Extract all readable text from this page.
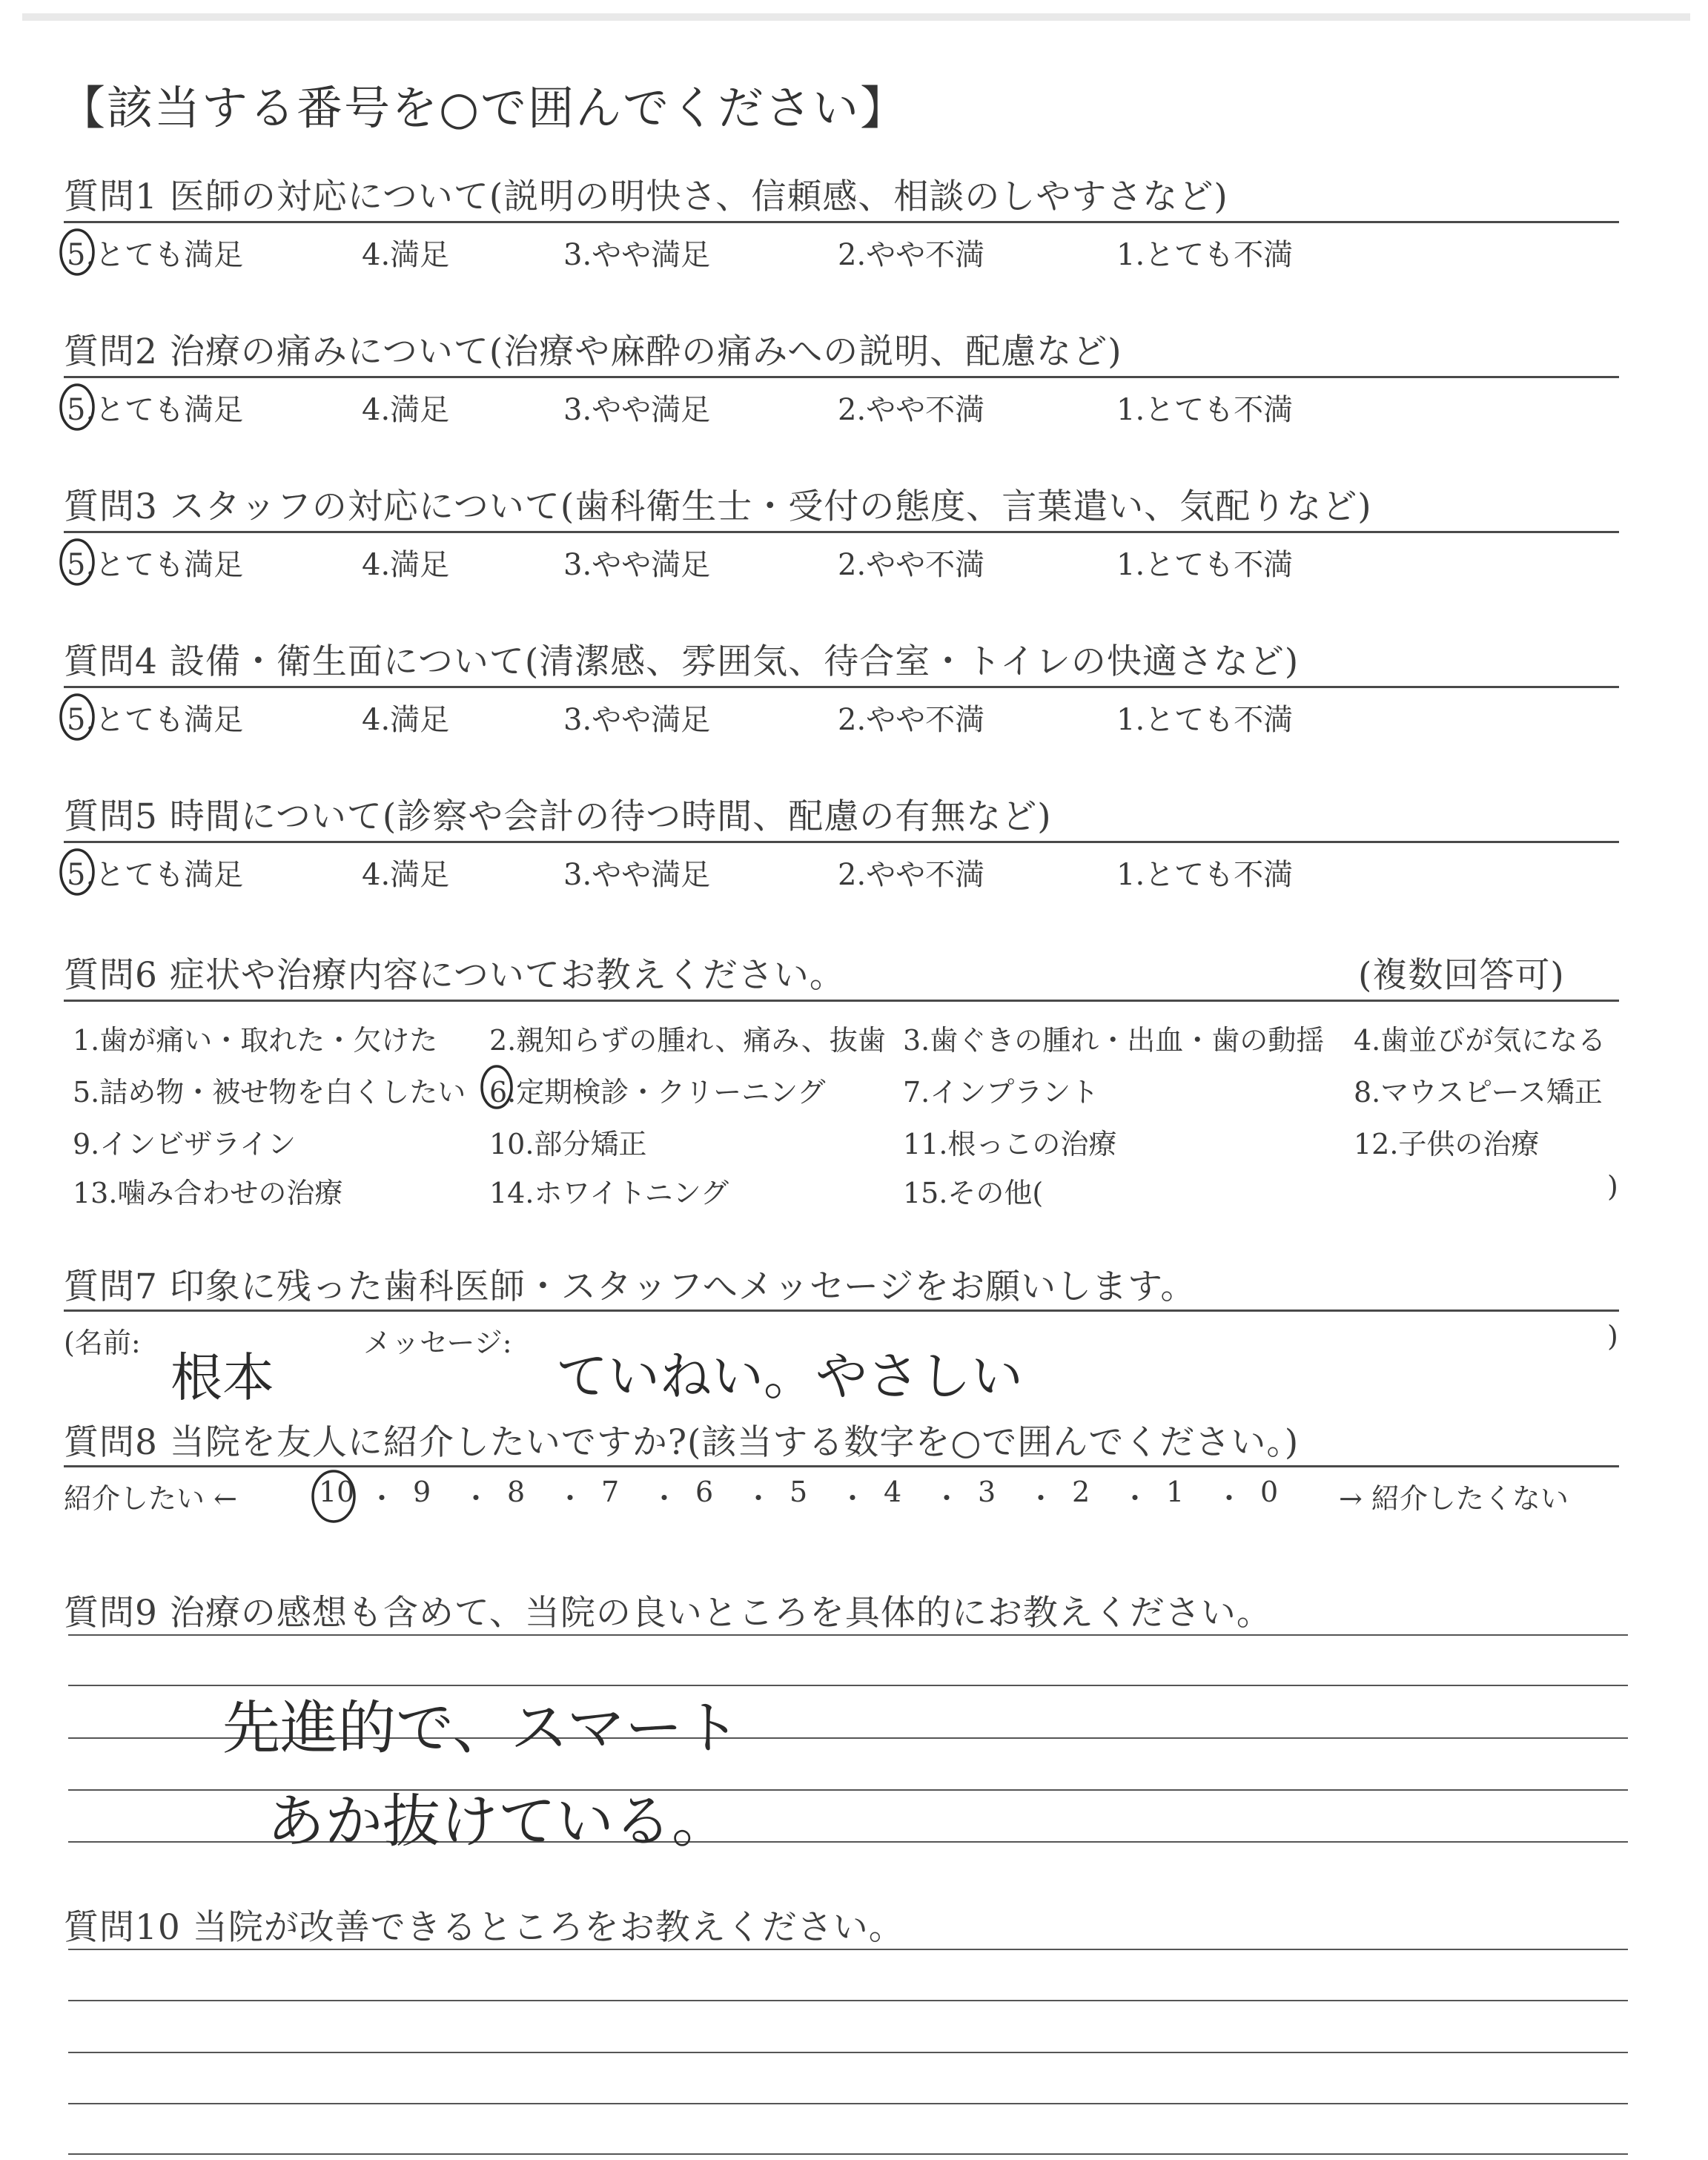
【該当する番号を○で囲んでください】
質問1 医師の対応について(説明の明快さ、信頼感、相談のしやすさなど)
5.とても満足	4.満足	3.やや満足	2.やや不満	1.とても不満
質問2 治療の痛みについて(治療や麻酔の痛みへの説明、配慮など)
5.とても満足	4.満足	3.やや満足	2.やや不満	1.とても不満
質問3 スタッフの対応について(歯科衛生士・受付の態度、言葉遣い、気配りなど)
5.とても満足	4.満足	3.やや満足	2.やや不満	1.とても不満
質問4 設備・衛生面について(清潔感、雰囲気、待合室・トイレの快適さなど)
5.とても満足	4.満足	3.やや満足	2.やや不満	1.とても不満
質問5 時間について(診察や会計の待つ時間、配慮の有無など)
5.とても満足	4.満足	3.やや満足	2.やや不満	1.とても不満
質問6 症状や治療内容についてお教えください。	(複数回答可)
1.歯が痛い・取れた・欠けた 2.親知らずの腫れ、痛み、抜歯 3.歯ぐきの腫れ・出血・歯の動揺 4.歯並びが気になる
5.詰め物・被せ物を白くしたい 6.定期検診・クリーニング	7.インプラント	8.マウスピース矯正
9.インビザライン	10.部分矯正	11.根っこの治療	12.子供の治療
13.噛み合わせの治療	14.ホワイトニング	15.その他(	)
質問7 印象に残った歯科医師・スタッフへメッセージをお願いします。
(名前:
根本
メッセージ:
ていねい。やさしい
)
質問8 当院を友人に紹介したいですか?(該当する数字を○で囲んでください。)
紹介したい ←	10 ・ 9 ・ 8 ・ 7 ・ 6 ・ 5 ・ 4 ・ 3 ・ 2 ・ 1 ・ 0 → 紹介したくない
質問9 治療の感想も含めて、当院の良いところを具体的にお教えください。
先進的で、スマート
あか抜けている。
質問10 当院が改善できるところをお教えください。
